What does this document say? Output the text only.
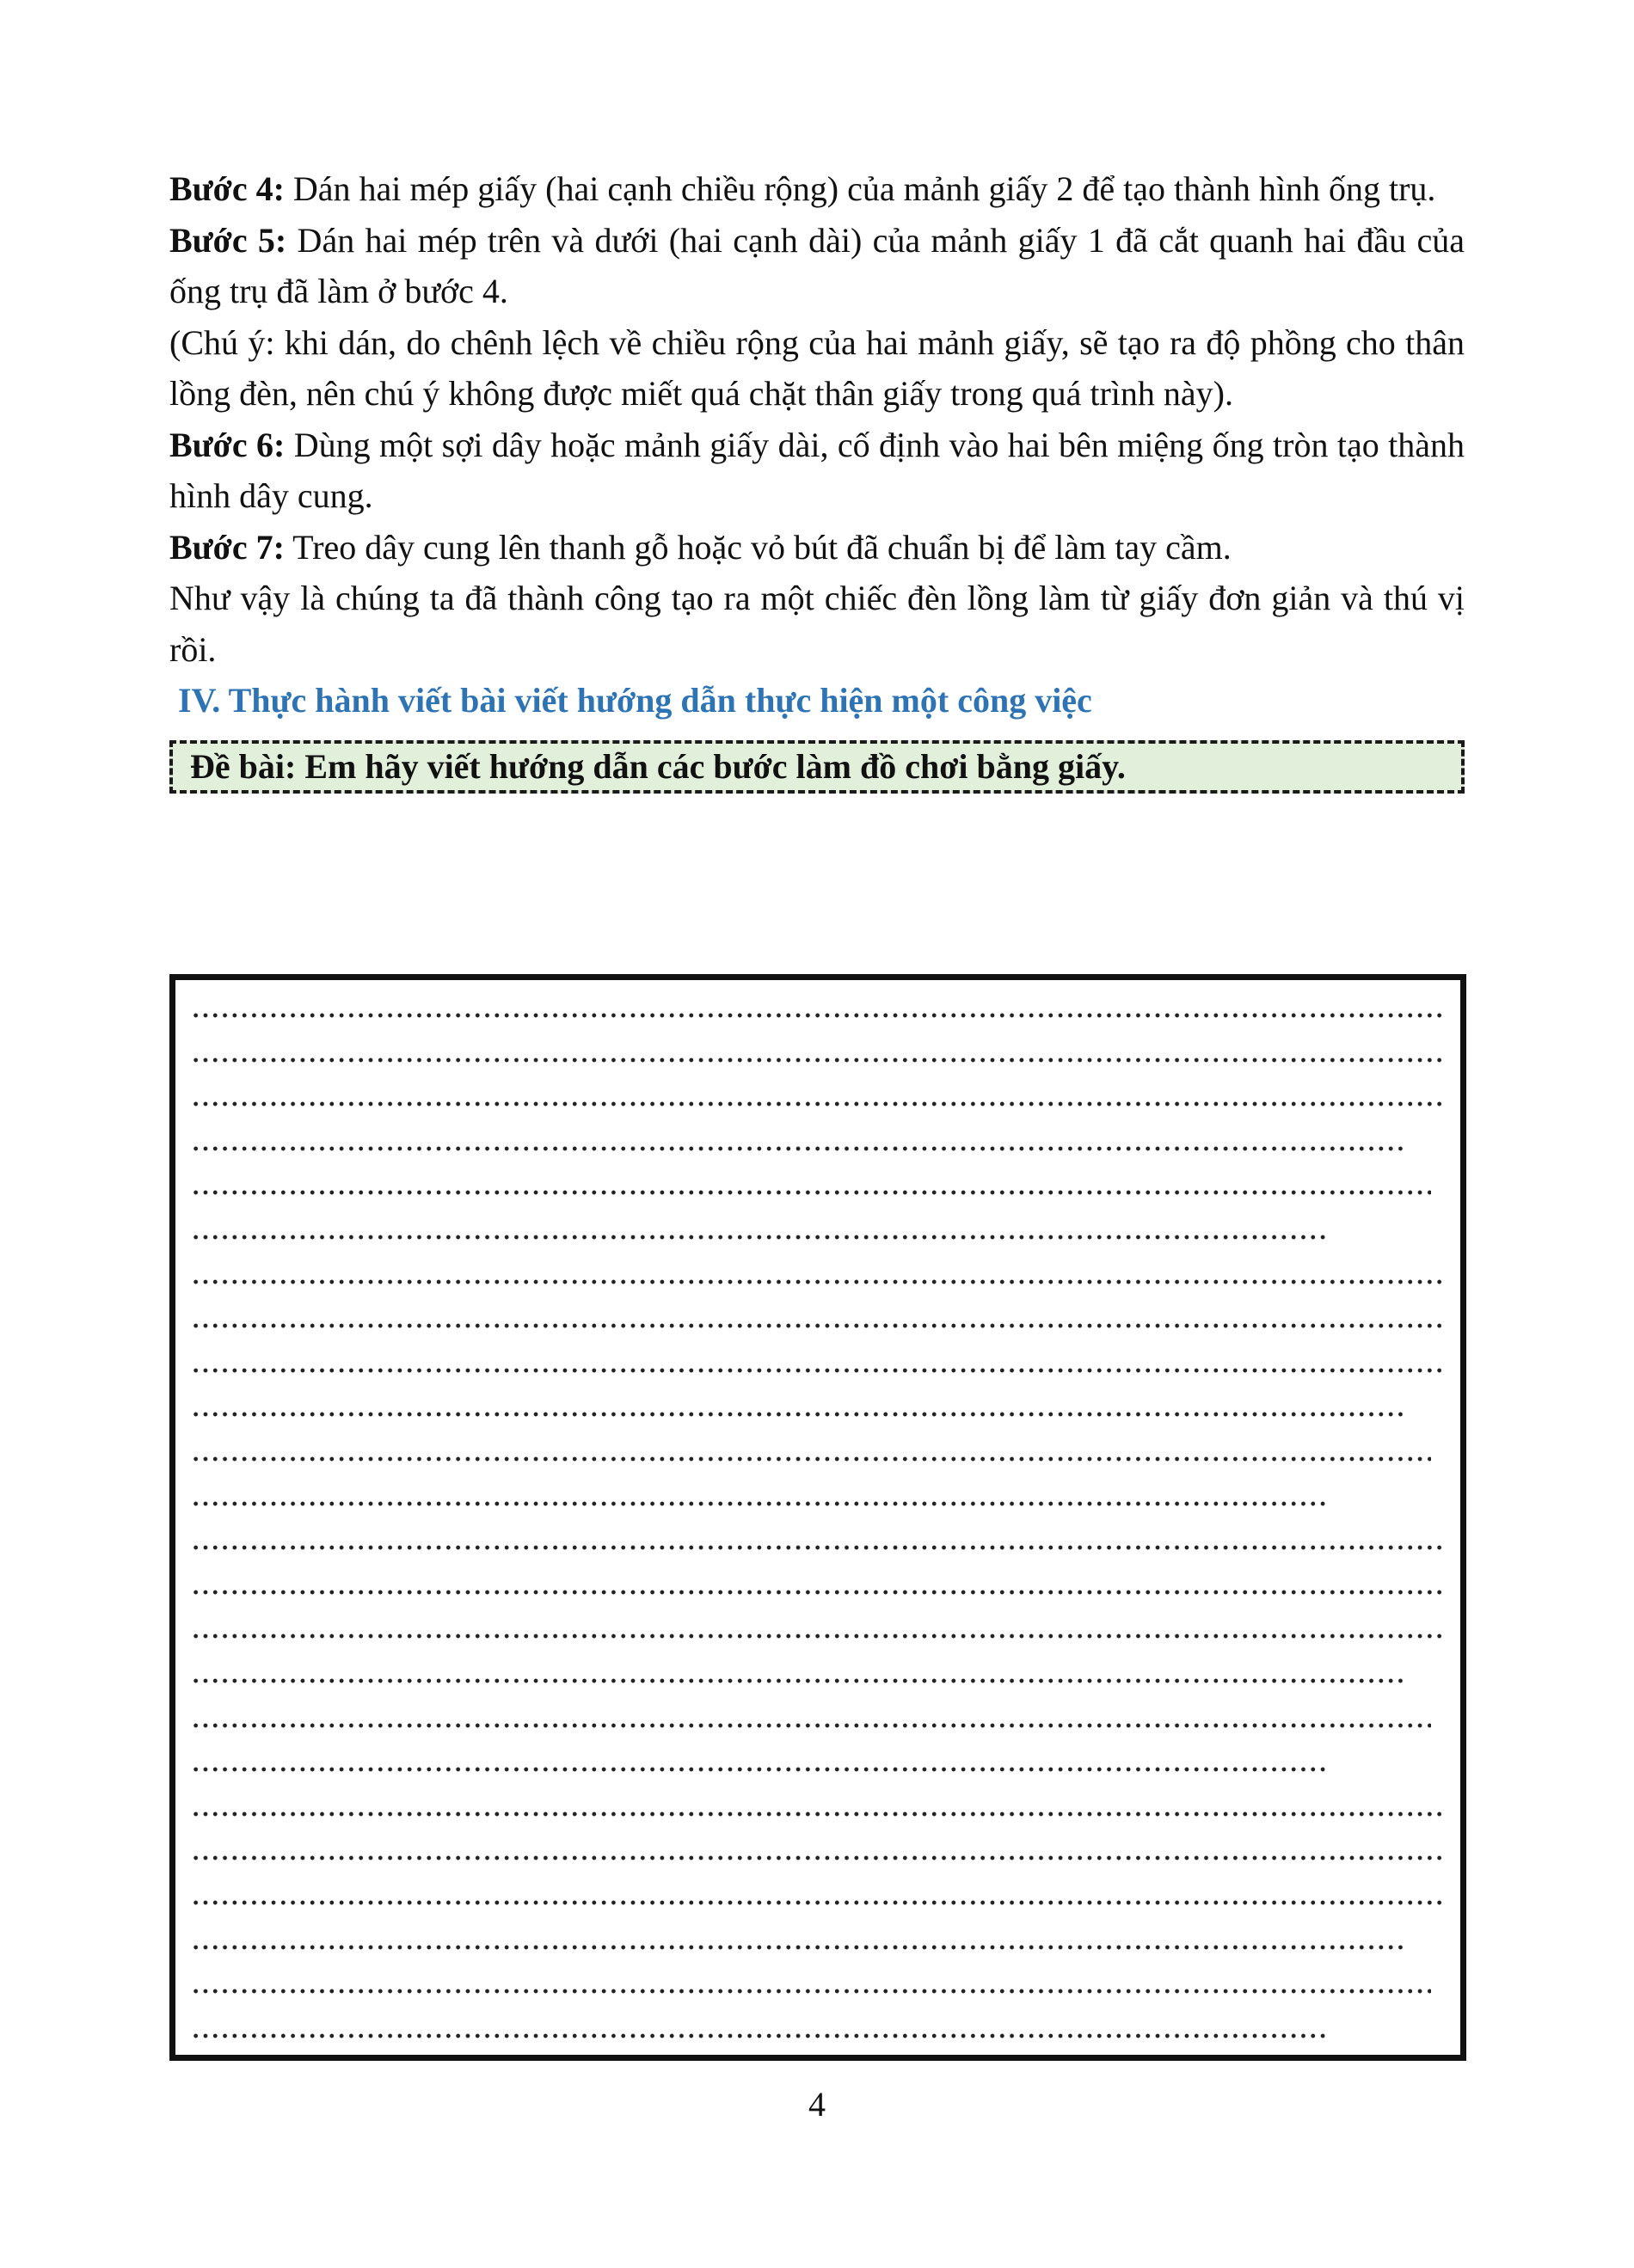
Bước 4: Dán hai mép giấy (hai cạnh chiều rộng) của mảnh giấy 2 để tạo thành hình ống trụ.

Bước 5: Dán hai mép trên và dưới (hai cạnh dài) của mảnh giấy 1 đã cắt quanh hai đầu của ống trụ đã làm ở bước 4.

(Chú ý: khi dán, do chênh lệch về chiều rộng của hai mảnh giấy, sẽ tạo ra độ phồng cho thân lồng đèn, nên chú ý không được miết quá chặt thân giấy trong quá trình này).

Bước 6: Dùng một sợi dây hoặc mảnh giấy dài, cố định vào hai bên miệng ống tròn tạo thành hình dây cung.

Bước 7: Treo dây cung lên thanh gỗ hoặc vỏ bút đã chuẩn bị để làm tay cầm.

Như vậy là chúng ta đã thành công tạo ra một chiếc đèn lồng làm từ giấy đơn giản và thú vị rồi.

IV. Thực hành viết bài viết hướng dẫn thực hiện một công việc

Đề bài: Em hãy viết hướng dẫn các bước làm đồ chơi bằng giấy.
4
